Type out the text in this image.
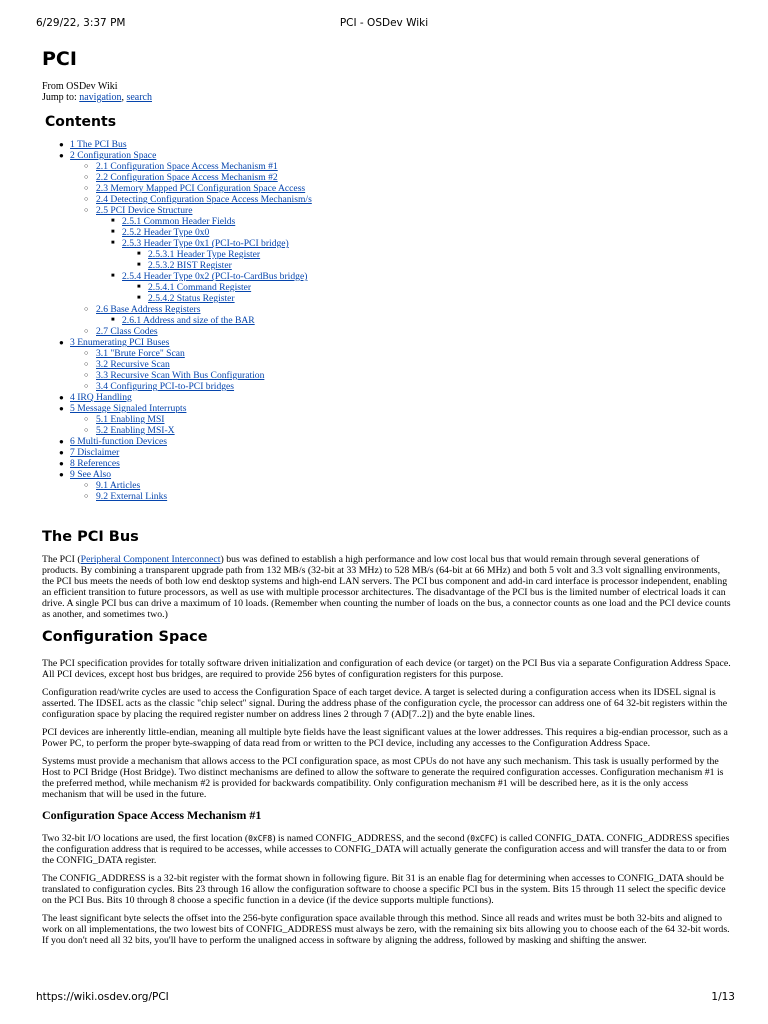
6/29/22, 3:37 PM	PCI - OSDev Wiki
PCI

From OSDev Wiki

Jump to: navigation, search

Contents
● 1 The PCI Bus
● 2 Configuration Space
○ 2.1 Configuration Space Access Mechanism #1
○ 2.2 Configuration Space Access Mechanism #2
○ 2.3 Memory Mapped PCI Configuration Space Access
○ 2.4 Detecting Configuration Space Access Mechanism/s
○ 2.5 PCI Device Structure
■ 2.5.1 Common Header Fields
■ 2.5.2 Header Type 0x0
■ 2.5.3 Header Type 0x1 (PCI-to-PCI bridge)
■ 2.5.3.1 Header Type Register
■ 2.5.3.2 BIST Register
■ 2.5.4 Header Type 0x2 (PCI-to-CardBus bridge)
■ 2.5.4.1 Command Register
■ 2.5.4.2 Status Register
○ 2.6 Base Address Registers
■ 2.6.1 Address and size of the BAR
○ 2.7 Class Codes
● 3 Enumerating PCI Buses
○ 3.1 "Brute Force" Scan
○ 3.2 Recursive Scan
○ 3.3 Recursive Scan With Bus Configuration
○ 3.4 Configuring PCI-to-PCI bridges
● 4 IRQ Handling
● 5 Message Signaled Interrupts
○ 5.1 Enabling MSI
○ 5.2 Enabling MSI-X
● 6 Multi-function Devices
● 7 Disclaimer
● 8 References
● 9 See Also
○ 9.1 Articles
○ 9.2 External Links
The PCI Bus

The PCI (Peripheral Component Interconnect) bus was defined to establish a high performance and low cost local bus that would remain through several generations of products. By combining a transparent upgrade path from 132 MB/s (32-bit at 33 MHz) to 528 MB/s (64-bit at 66 MHz) and both 5 volt and 3.3 volt signalling environments, the PCI bus meets the needs of both low end desktop systems and high-end LAN servers. The PCI bus component and add-in card interface is processor independent, enabling an efficient transition to future processors, as well as use with multiple processor architectures. The disadvantage of the PCI bus is the limited number of electrical loads it can drive. A single PCI bus can drive a maximum of 10 loads. (Remember when counting the number of loads on the bus, a connector counts as one load and the PCI device counts as another, and sometimes two.)

Configuration Space

The PCI specification provides for totally software driven initialization and configuration of each device (or target) on the PCI Bus via a separate Configuration Address Space. All PCI devices, except host bus bridges, are required to provide 256 bytes of configuration registers for this purpose.

Configuration read/write cycles are used to access the Configuration Space of each target device. A target is selected during a configuration access when its IDSEL signal is asserted. The IDSEL acts as the classic "chip select" signal. During the address phase of the configuration cycle, the processor can address one of 64 32-bit registers within the configuration space by placing the required register number on address lines 2 through 7 (AD[7..2]) and the byte enable lines.

PCI devices are inherently little-endian, meaning all multiple byte fields have the least significant values at the lower addresses. This requires a big-endian processor, such as a Power PC, to perform the proper byte-swapping of data read from or written to the PCI device, including any accesses to the Configuration Address Space.

Systems must provide a mechanism that allows access to the PCI configuration space, as most CPUs do not have any such mechanism. This task is usually performed by the Host to PCI Bridge (Host Bridge). Two distinct mechanisms are defined to allow the software to generate the required configuration accesses. Configuration mechanism #1 is the preferred method, while mechanism #2 is provided for backwards compatibility. Only configuration mechanism #1 will be described here, as it is the only access mechanism that will be used in the future.

Configuration Space Access Mechanism #1

Two 32-bit I/O locations are used, the first location (0xCF8) is named CONFIG_ADDRESS, and the second (0xCFC) is called CONFIG_DATA. CONFIG_ADDRESS specifies the configuration address that is required to be accesses, while accesses to CONFIG_DATA will actually generate the configuration access and will transfer the data to or from the CONFIG_DATA register.

The CONFIG_ADDRESS is a 32-bit register with the format shown in following figure. Bit 31 is an enable flag for determining when accesses to CONFIG_DATA should be translated to configuration cycles. Bits 23 through 16 allow the configuration software to choose a specific PCI bus in the system. Bits 15 through 11 select the specific device on the PCI Bus. Bits 10 through 8 choose a specific function in a device (if the device supports multiple functions).

The least significant byte selects the offset into the 256-byte configuration space available through this method. Since all reads and writes must be both 32-bits and aligned to work on all implementations, the two lowest bits of CONFIG_ADDRESS must always be zero, with the remaining six bits allowing you to choose each of the 64 32-bit words. If you don't need all 32 bits, you'll have to perform the unaligned access in software by aligning the address, followed by masking and shifting the answer.

https://wiki.osdev.org/PCI	1/13
